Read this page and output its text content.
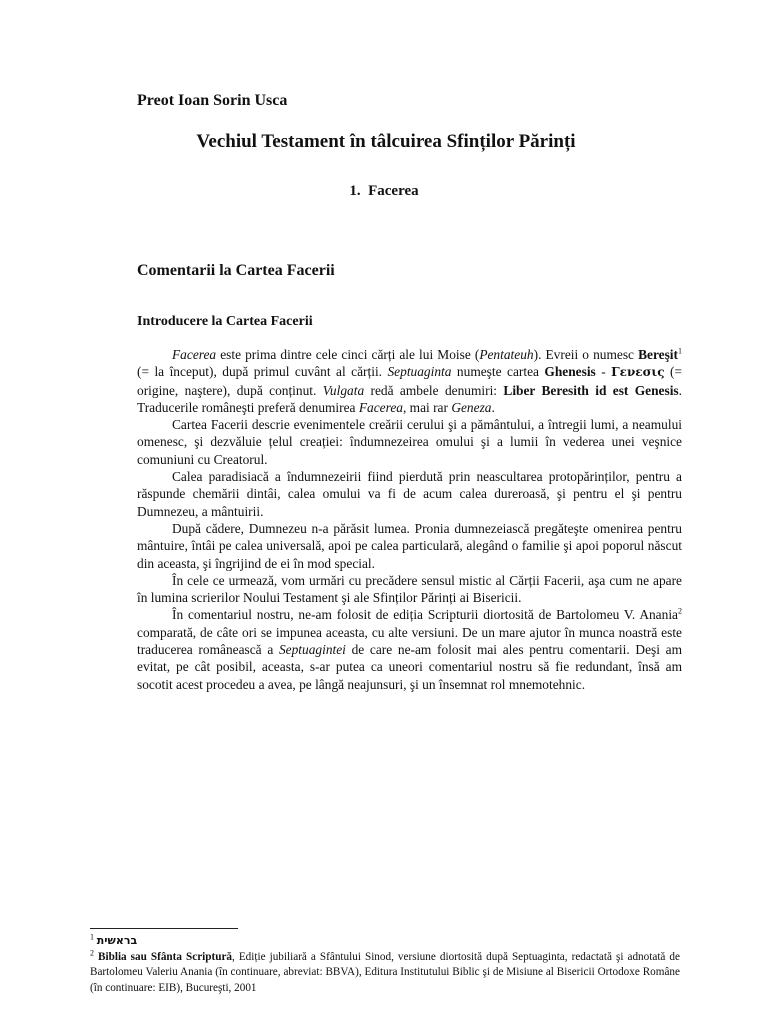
Preot Ioan Sorin Usca
Vechiul Testament în tâlcuirea Sfinților Părinți
1. Facerea
Comentarii la Cartea Facerii
Introducere la Cartea Facerii

Facerea este prima dintre cele cinci cărți ale lui Moise (Pentateuh). Evreii o numesc Bereşit$^1$ (= la început), după primul cuvânt al cărții. Septuaginta numeşte cartea Ghenesis - Γενεσις (= origine, naştere), după conținut. Vulgata redă ambele denumiri: Liber Beresith id est Genesis. Traducerile româneşti preferă denumirea Facerea, mai rar Geneza.

Cartea Facerii descrie evenimentele creării cerului şi a pământului, a întregii lumi, a neamului omenesc, şi dezvăluie țelul creației: îndumnezeirea omului şi a lumii în vederea unei veşnice comuniuni cu Creatorul.

Calea paradisiacă a îndumnezeirii fiind pierdută prin neascultarea protopărinților, pentru a răspunde chemării dintâi, calea omului va fi de acum calea dureroasă, şi pentru el şi pentru Dumnezeu, a mântuirii.

După cădere, Dumnezeu n-a părăsit lumea. Pronia dumnezeiască pregăteşte omenirea pentru mântuire, întâi pe calea universală, apoi pe calea particulară, alegând o familie şi apoi poporul născut din aceasta, şi îngrijind de ei în mod special.

În cele ce urmează, vom urmări cu precădere sensul mistic al Cărții Facerii, aşa cum ne apare în lumina scrierilor Noului Testament şi ale Sfinților Părinți ai Bisericii.

În comentariul nostru, ne-am folosit de ediția Scripturii diortosită de Bartolomeu V. Anania$^2$ comparată, de câte ori se impunea aceasta, cu alte versiuni. De un mare ajutor în munca noastră este traducerea românească a Septuagintei de care ne-am folosit mai ales pentru comentarii. Deşi am evitat, pe cât posibil, aceasta, s-ar putea ca uneori comentariul nostru să fie redundant, însă am socotit acest procedeu a avea, pe lângă neajunsuri, şi un însemnat rol mnemotehnic.

$^1$ בראשית

$^2$ Biblia sau Sfânta Scriptură, Ediție jubiliară a Sfântului Sinod, versiune diortosită după Septuaginta, redactată şi adnotată de Bartolomeu Valeriu Anania (în continuare, abreviat: BBVA), Editura Institutului Biblic şi de Misiune al Bisericii Ortodoxe Române (în continuare: EIB), Bucureşti, 2001
